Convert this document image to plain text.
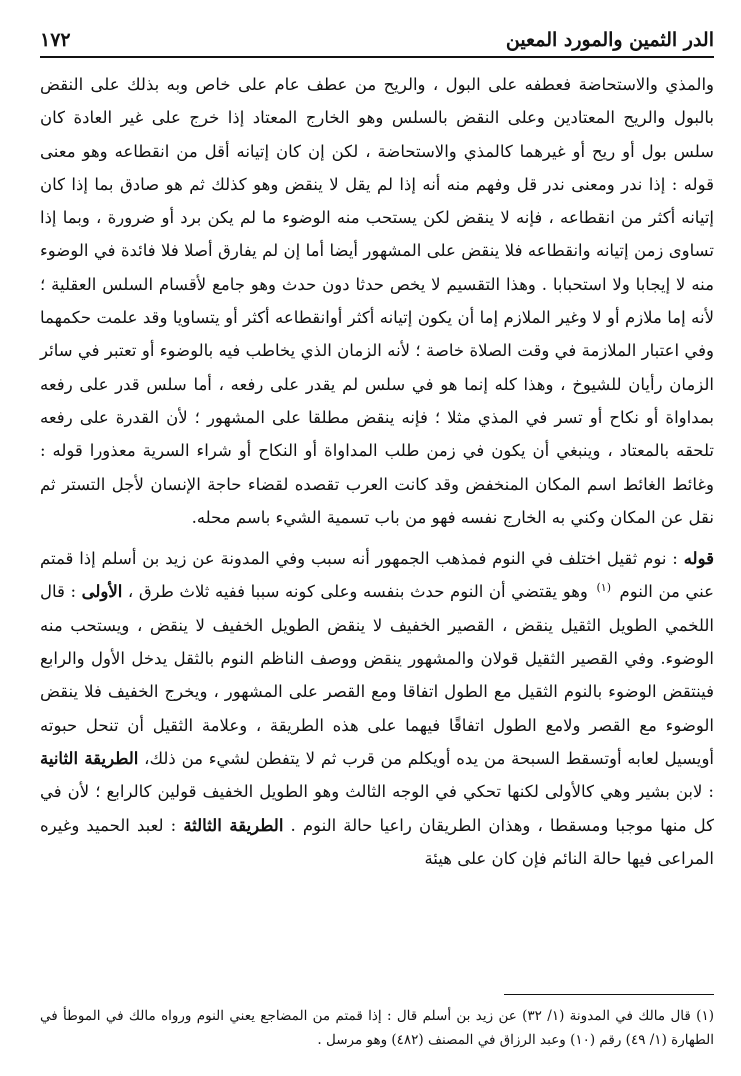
الدر الثمين والمورد المعين
١٧٢

والمذي والاستحاضة فعطفه على البول ، والريح من عطف عام على خاص وبه بذلك على النقض بالبول والريح المعتادين وعلى النقض بالسلس وهو الخارج المعتاد إذا خرج على غير العادة كان سلس بول أو ريح أو غيرهما كالمذي والاستحاضة ، لكن إن كان إتيانه أقل من انقطاعه وهو معنى قوله : إذا ندر ومعنى ندر قل وفهم منه أنه إذا لم يقل لا ينقض وهو كذلك ثم هو صادق بما إذا كان إتيانه أكثر من انقطاعه ، فإنه لا ينقض لكن يستحب منه الوضوء ما لم يكن برد أو ضرورة ، وبما إذا تساوى زمن إتيانه وانقطاعه فلا ينقض على المشهور أيضا أما إن لم يفارق أصلا فلا فائدة في الوضوء منه لا إيجابا ولا استحبابا . وهذا التقسيم لا يخص حدثا دون حدث وهو جامع لأقسام السلس العقلية ؛ لأنه إما ملازم أو لا وغير الملازم إما أن يكون إتيانه أكثر أوانقطاعه أكثر أو يتساويا وقد علمت حكمهما وفي اعتبار الملازمة في وقت الصلاة خاصة ؛ لأنه الزمان الذي يخاطب فيه بالوضوء أو تعتبر في سائر الزمان رأيان للشيوخ ، وهذا كله إنما هو في سلس لم يقدر على رفعه ، أما سلس قدر على رفعه بمداواة أو نكاح أو تسر في المذي مثلا ؛ فإنه ينقض مطلقا على المشهور ؛ لأن القدرة على رفعه تلحقه بالمعتاد ، وينبغي أن يكون في زمن طلب المداواة أو النكاح أو شراء السرية معذورا قوله : وغائط الغائط اسم المكان المنخفض وقد كانت العرب تقصده لقضاء حاجة الإنسان لأجل التستر ثم نقل عن المكان وكني به الخارج نفسه فهو من باب تسمية الشيء باسم محله.

قوله : نوم ثقيل اختلف في النوم فمذهب الجمهور أنه سبب وفي المدونة عن زيد بن أسلم إذا قمتم عني من النوم $^{(١)}$ وهو يقتضي أن النوم حدث بنفسه وعلى كونه سببا ففيه ثلاث طرق ، الأولى : قال اللخمي الطويل الثقيل ينقض ، القصير الخفيف لا ينقض الطويل الخفيف لا ينقض ، ويستحب منه الوضوء. وفي القصير الثقيل قولان والمشهور ينقض ووصف الناظم النوم بالثقل يدخل الأول والرابع فينتقض الوضوء بالنوم الثقيل مع الطول اتفاقا ومع القصر على المشهور ، ويخرج الخفيف فلا ينقض الوضوء مع القصر ولامع الطول اتفاقًا فيهما على هذه الطريقة ، وعلامة الثقيل أن تنحل حبوته أويسيل لعابه أوتسقط السبحة من يده أويكلم من قرب ثم لا يتفطن لشيء من ذلك، الطريقة الثانية : لابن بشير وهي كالأولى لكنها تحكي في الوجه الثالث وهو الطويل الخفيف قولين كالرابع ؛ لأن في كل منها موجبا ومسقطا ، وهذان الطريقان راعيا حالة النوم . الطريقة الثالثة : لعبد الحميد وغيره المراعى فيها حالة النائم فإن كان على هيئة

(١) قال مالك في المدونة (١/ ٣٢) عن زيد بن أسلم قال : إذا قمتم من المضاجع يعني النوم ورواه مالك في الموطأ في الطهارة (١/ ٤٩) رقم (١٠) وعبد الرزاق في المصنف (٤٨٢) وهو مرسل .
